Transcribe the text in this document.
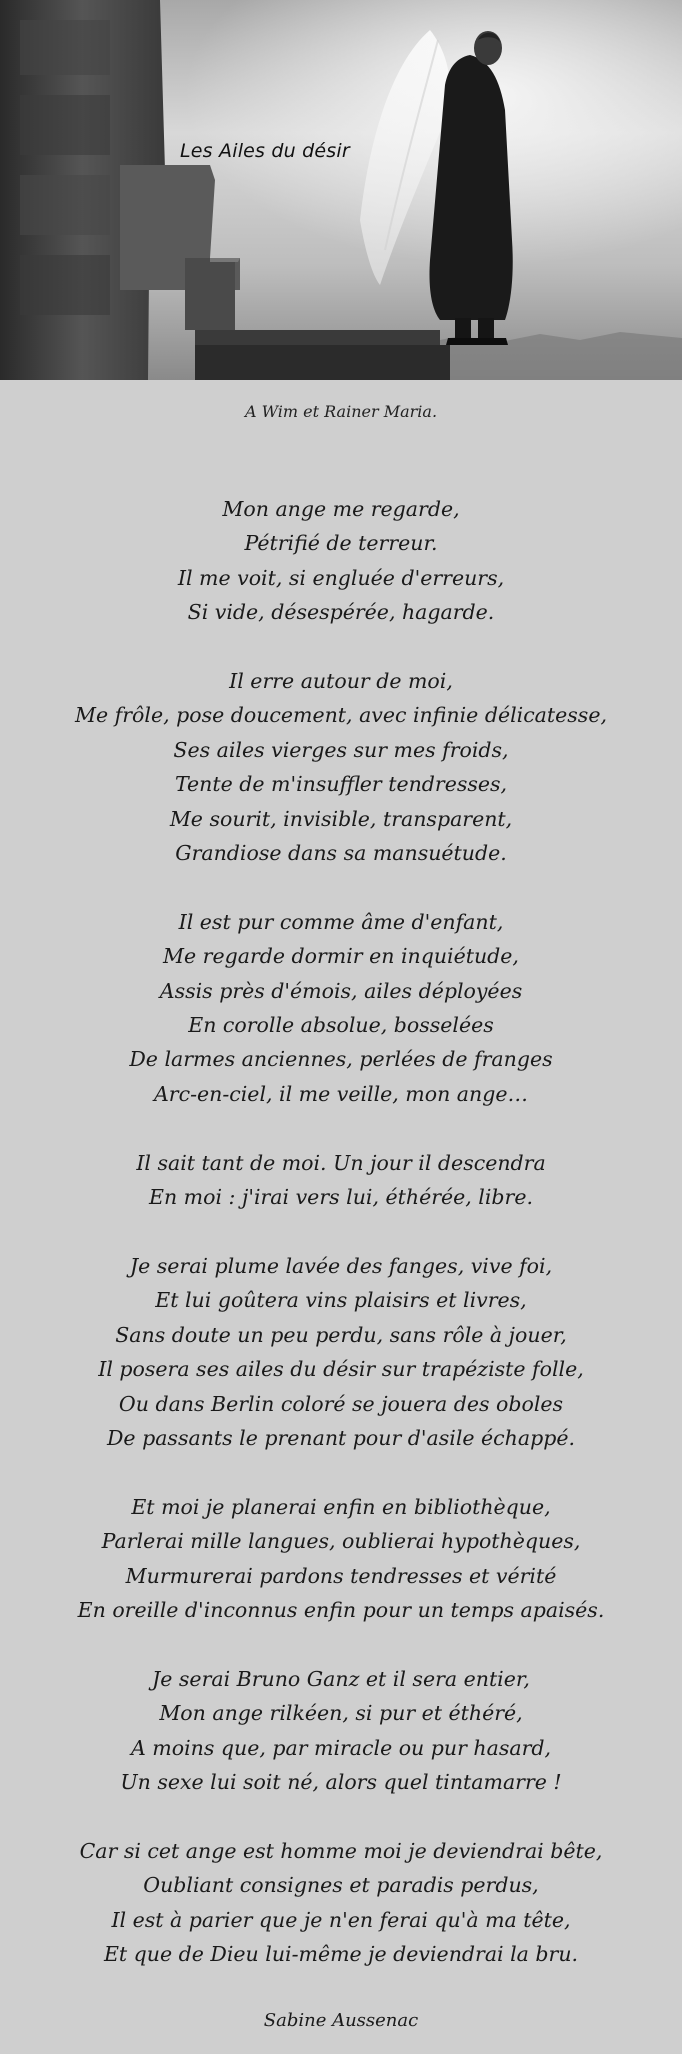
Les Ailes du désir
A Wim et Rainer Maria.
Mon ange me regarde,
Pétrifié de terreur.
Il me voit, si engluée d'erreurs,
Si vide, désespérée, hagarde.
Il erre autour de moi,
Me frôle, pose doucement, avec infinie délicatesse,
Ses ailes vierges sur mes froids,
Tente de m'insuffler tendresses,
Me sourit, invisible, transparent,
Grandiose dans sa mansuétude.
Il est pur comme âme d'enfant,
Me regarde dormir en inquiétude,
Assis près d'émois, ailes déployées
En corolle absolue, bosselées
De larmes anciennes, perlées de franges
Arc-en-ciel, il me veille, mon ange…
Il sait tant de moi. Un jour il descendra
En moi : j'irai vers lui, éthérée, libre.
Je serai plume lavée des fanges, vive foi,
Et lui goûtera vins plaisirs et livres,
Sans doute un peu perdu, sans rôle à jouer,
Il posera ses ailes du désir sur trapéziste folle,
Ou dans Berlin coloré se jouera des oboles
De passants le prenant pour d'asile échappé.
Et moi je planerai enfin en bibliothèque,
Parlerai mille langues, oublierai hypothèques,
Murmurerai pardons tendresses et vérité
En oreille d'inconnus enfin pour un temps apaisés.
Je serai Bruno Ganz et il sera entier,
Mon ange rilkéen, si pur et éthéré,
A moins que, par miracle ou pur hasard,
Un sexe lui soit né, alors quel tintamarre !
Car si cet ange est homme moi je deviendrai bête,
Oubliant consignes et paradis perdus,
Il est à parier que je n'en ferai qu'à ma tête,
Et que de Dieu lui-même je deviendrai la bru.
Sabine Aussenac
